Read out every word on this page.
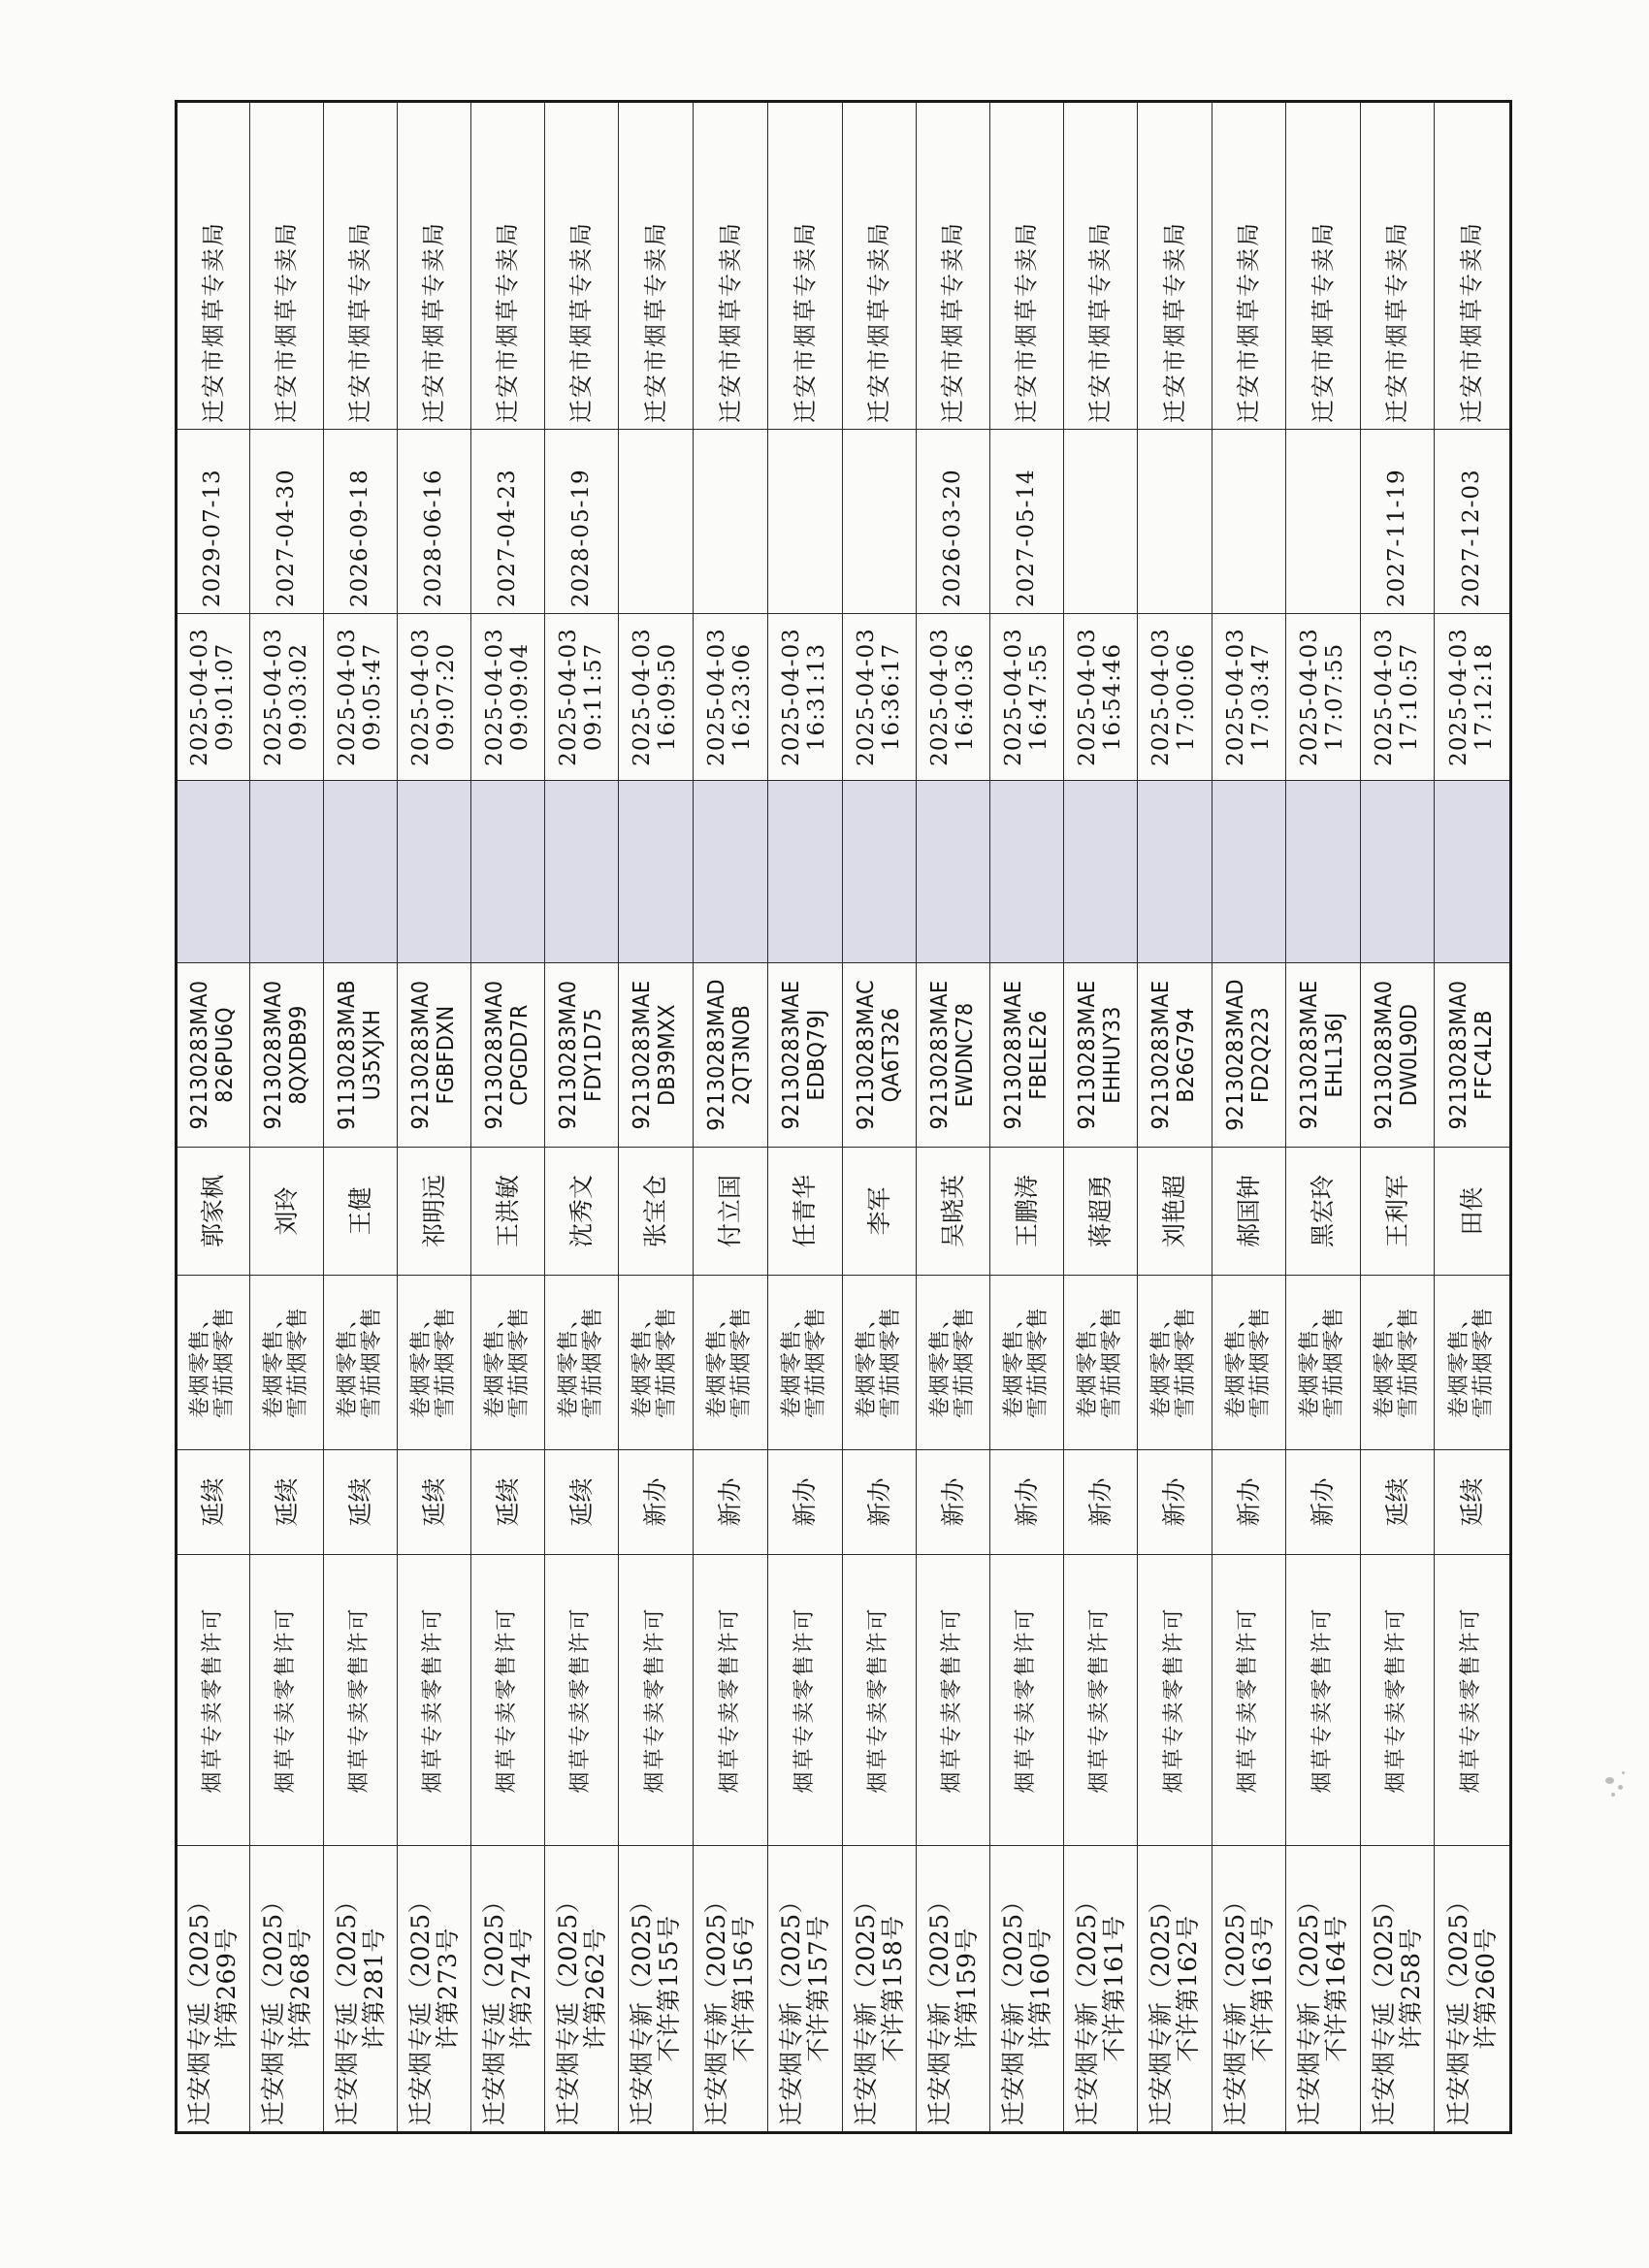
迁安烟专延（2025） 许第269号	烟草专卖零售许可	延续	卷烟零售、 雪茄烟零售	郭家枫	92130283MA0 826PU6Q		2025-04-03 09:01:07	2029-07-13	迁安市烟草专卖局

迁安烟专延（2025） 许第268号	烟草专卖零售许可	延续	卷烟零售、 雪茄烟零售	刘玲	92130283MA0 8QXDB99		2025-04-03 09:03:02	2027-04-30	迁安市烟草专卖局

迁安烟专延（2025） 许第281号	烟草专卖零售许可	延续	卷烟零售、 雪茄烟零售	王健	91130283MAB U35XJXH		2025-04-03 09:05:47	2026-09-18	迁安市烟草专卖局

迁安烟专延（2025） 许第273号	烟草专卖零售许可	延续	卷烟零售、 雪茄烟零售	祁明远	92130283MA0 FGBFDXN		2025-04-03 09:07:20	2028-06-16	迁安市烟草专卖局

迁安烟专延（2025） 许第274号	烟草专卖零售许可	延续	卷烟零售、 雪茄烟零售	王洪敏	92130283MA0 CPGDD7R		2025-04-03 09:09:04	2027-04-23	迁安市烟草专卖局

迁安烟专延（2025） 许第262号	烟草专卖零售许可	延续	卷烟零售、 雪茄烟零售	沈秀文	92130283MA0 FDY1D75		2025-04-03 09:11:57	2028-05-19	迁安市烟草专卖局

迁安烟专新（2025） 不许第155号	烟草专卖零售许可	新办	卷烟零售、 雪茄烟零售	张宝仓	92130283MAE DB39MXX		2025-04-03 16:09:50		迁安市烟草专卖局

迁安烟专新（2025） 不许第156号	烟草专卖零售许可	新办	卷烟零售、 雪茄烟零售	付立国	92130283MAD 2QT3NOB		2025-04-03 16:23:06		迁安市烟草专卖局

迁安烟专新（2025） 不许第157号	烟草专卖零售许可	新办	卷烟零售、 雪茄烟零售	任青华	92130283MAE EDBQ79J		2025-04-03 16:31:13		迁安市烟草专卖局

迁安烟专新（2025） 不许第158号	烟草专卖零售许可	新办	卷烟零售、 雪茄烟零售	李军	92130283MAC QA6T326		2025-04-03 16:36:17		迁安市烟草专卖局

迁安烟专新（2025） 许第159号	烟草专卖零售许可	新办	卷烟零售、 雪茄烟零售	吴晓英	92130283MAE EWDNC78		2025-04-03 16:40:36	2026-03-20	迁安市烟草专卖局

迁安烟专新（2025） 许第160号	烟草专卖零售许可	新办	卷烟零售、 雪茄烟零售	王鹏涛	92130283MAE FBELE26		2025-04-03 16:47:55	2027-05-14	迁安市烟草专卖局

迁安烟专新（2025） 不许第161号	烟草专卖零售许可	新办	卷烟零售、 雪茄烟零售	蒋超勇	92130283MAE EHHUY33		2025-04-03 16:54:46		迁安市烟草专卖局

迁安烟专新（2025） 不许第162号	烟草专卖零售许可	新办	卷烟零售、 雪茄烟零售	刘艳超	92130283MAE B26G794		2025-04-03 17:00:06		迁安市烟草专卖局

迁安烟专新（2025） 不许第163号	烟草专卖零售许可	新办	卷烟零售、 雪茄烟零售	郝国钟	92130283MAD FD2Q223		2025-04-03 17:03:47		迁安市烟草专卖局

迁安烟专新（2025） 不许第164号	烟草专卖零售许可	新办	卷烟零售、 雪茄烟零售	黑宏玲	92130283MAE EHL136J		2025-04-03 17:07:55		迁安市烟草专卖局

迁安烟专延（2025） 许第258号	烟草专卖零售许可	延续	卷烟零售、 雪茄烟零售	王利军	92130283MA0 DW0L90D		2025-04-03 17:10:57	2027-11-19	迁安市烟草专卖局

迁安烟专延（2025） 许第260号	烟草专卖零售许可	延续	卷烟零售、 雪茄烟零售	田侠	92130283MA0 FFC4L2B		2025-04-03 17:12:18	2027-12-03	迁安市烟草专卖局
